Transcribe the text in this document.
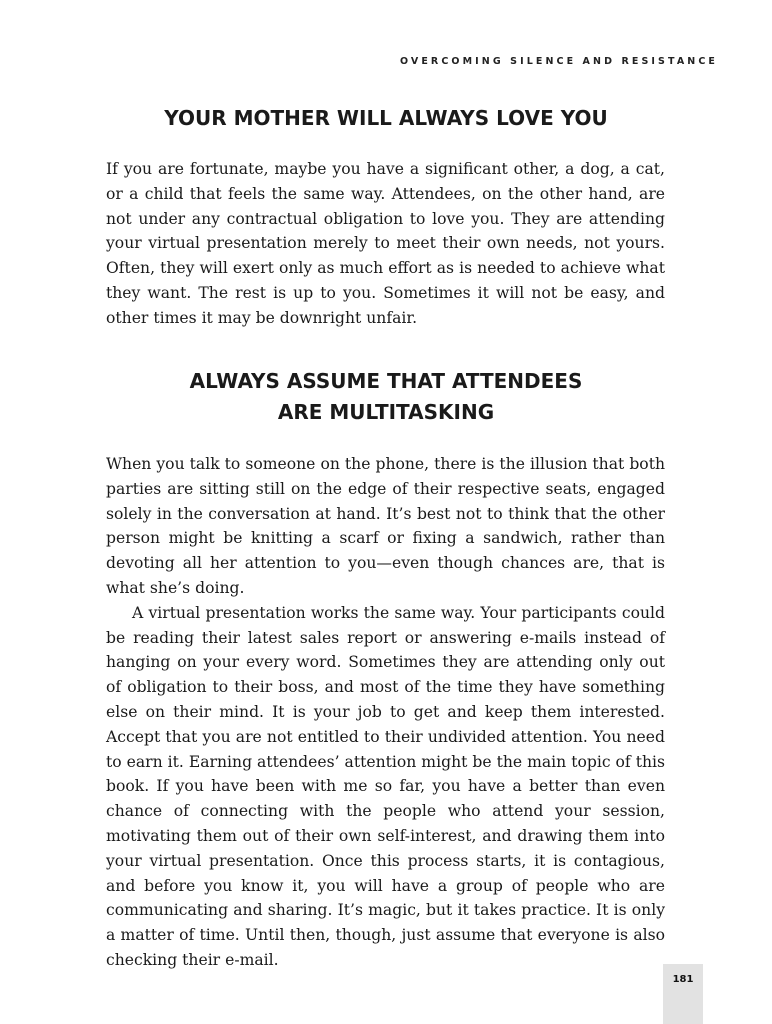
OVERCOMING SILENCE AND RESISTANCE
YOUR MOTHER WILL ALWAYS LOVE YOU

If you are fortunate, maybe you have a significant other, a dog, a cat, or a child that feels the same way. Attendees, on the other hand, are not under any contractual obligation to love you. They are attending your virtual presentation merely to meet their own needs, not yours. Often, they will exert only as much effort as is needed to achieve what they want. The rest is up to you. Sometimes it will not be easy, and other times it may be downright unfair.

ALWAYS ASSUME THAT ATTENDEES
ARE MULTITASKING

When you talk to someone on the phone, there is the illusion that both parties are sitting still on the edge of their respective seats, engaged solely in the conversation at hand. It’s best not to think that the other person might be knitting a scarf or fixing a sandwich, rather than devoting all her attention to you—even though chances are, that is what she’s doing.

A virtual presentation works the same way. Your participants could be reading their latest sales report or answering e-mails instead of hanging on your every word. Sometimes they are attending only out of obligation to their boss, and most of the time they have something else on their mind. It is your job to get and keep them interested. Accept that you are not entitled to their undivided attention. You need to earn it. Earning attendees’ attention might be the main topic of this book. If you have been with me so far, you have a better than even chance of connecting with the people who attend your session, motivating them out of their own self-interest, and drawing them into your virtual presentation. Once this process starts, it is contagious, and before you know it, you will have a group of people who are communicating and sharing. It’s magic, but it takes practice. It is only a matter of time. Until then, though, just assume that everyone is also checking their e-mail.

181
